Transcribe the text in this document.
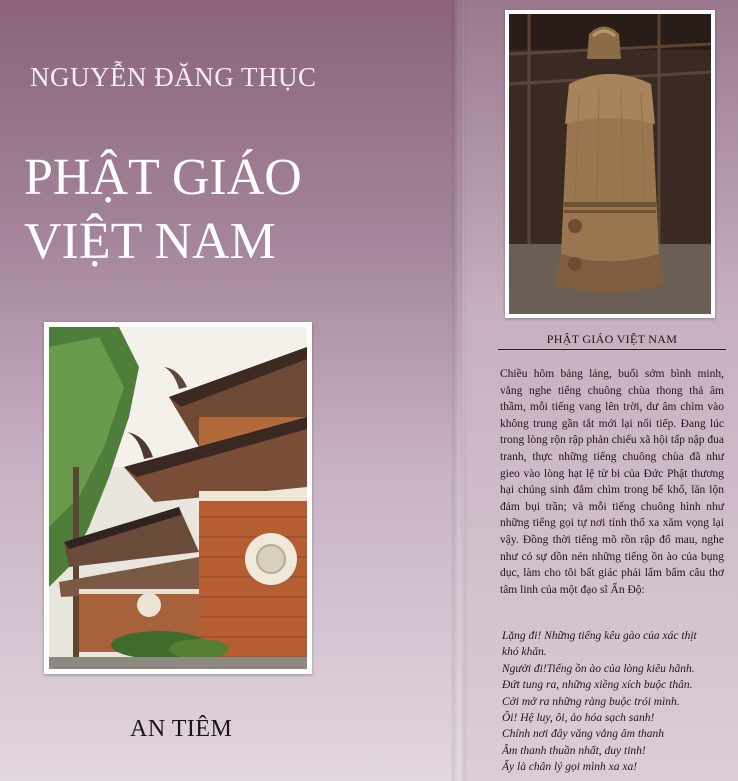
NGUYỄN ĐĂNG THỤC
PHẬT GIÁO
VIỆT NAM
AN TIÊM
PHẬT GIÁO VIỆT NAM

Chiều hôm bảng lảng, buổi sớm bình minh, vẳng nghe tiếng chuông chùa thong thả âm thầm, mỗi tiếng vang lên trời, dư âm chìm vào không trung gần tắt mới lại nối tiếp. Đang lúc trong lòng rộn rập phản chiếu xã hội tấp nập đua tranh, thực những tiếng chuông chùa đã như gieo vào lòng hạt lệ từ bi của Đức Phật thương hại chúng sinh đắm chìm trong bể khổ, lăn lộn đám bụi trần; và mỗi tiếng chuông hình như những tiếng gọi tự nơi tỉnh thổ xa xăm vọng lại vậy. Đồng thời tiếng mõ rồn rập đổ mau, nghe như có sự dồn nén những tiếng ồn ào của bụng dục, làm cho tôi bất giác phải lẩm bẩm câu thơ tâm linh của một đạo sĩ Ấn Độ:

Lặng đi! Những tiếng kêu gào của xác thịt
khó khăn.
Người đi!Tiếng ồn ào của lòng kiêu hãnh.
Đứt tung ra, những xiềng xích buộc thân.
Cởi mở ra những ràng buộc trói mình.
Ôi! Hệ luy, ôi, ảo hóa sạch sanh!
Chính nơi đây văng vẳng âm thanh
Âm thanh thuần nhất, duy tinh!
Ấy là chân lý gọi mình xa xa!
